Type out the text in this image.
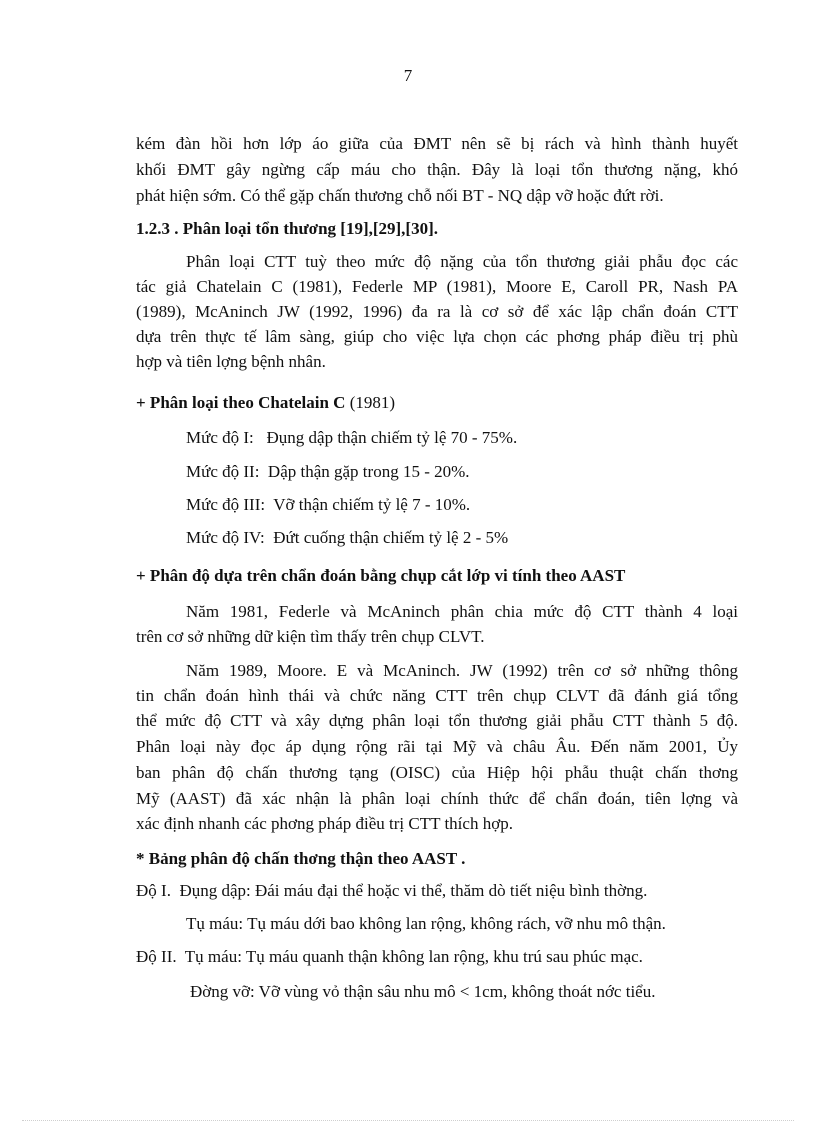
7
kém đàn hồi hơn lớp áo giữa của ĐMT nên sẽ bị rách và hình thành huyết
khối ĐMT gây ngừng cấp máu cho thận. Đây là loại tổn thương nặng, khó
phát hiện sớm. Có thể gặp chấn thương chỗ nối BT - NQ dập vỡ hoặc đứt rời.
1.2.3 . Phân loại tổn thương [19],[29],[30].
Phân loại CTT tuỳ theo mức độ nặng của tổn thương giải phẫu đọc các
tác giả Chatelain C (1981), Federle MP (1981), Moore E, Caroll PR, Nash PA
(1989), McAninch JW (1992, 1996) đa ra là cơ sở để xác lập chẩn đoán CTT
dựa trên thực tế lâm sàng, giúp cho việc lựa chọn các phơng pháp điều trị phù
hợp và tiên lợng bệnh nhân.
+ Phân loại theo Chatelain C (1981)
Mức độ I:   Đụng dập thận chiếm tỷ lệ 70 - 75%.
Mức độ II:  Dập thận gặp trong 15 - 20%.
Mức độ III:  Vỡ thận chiếm tỷ lệ 7 - 10%.
Mức độ IV:  Đứt cuống thận chiếm tỷ lệ 2 - 5%
+ Phân độ dựa trên chẩn đoán bằng chụp cắt lớp vi tính theo AAST
Năm 1981, Federle và McAninch phân chia mức độ CTT thành 4 loại
trên cơ sở những dữ kiện tìm thấy trên chụp CLVT.
Năm 1989, Moore. E và McAninch. JW (1992) trên cơ sở những thông
tin chẩn đoán hình thái và chức năng CTT trên chụp CLVT đã đánh giá tổng
thể mức độ CTT và xây dựng phân loại tổn thương giải phẫu CTT thành 5 độ.
Phân loại này đọc áp dụng rộng rãi tại Mỹ và châu Âu. Đến năm 2001, Ủy
ban phân độ chấn thương tạng (OISC) của Hiệp hội phẫu thuật chấn thơng
Mỹ (AAST) đã xác nhận là phân loại chính thức để chẩn đoán, tiên lợng và
xác định nhanh các phơng pháp điều trị CTT thích hợp.
* Bảng phân độ chấn thơng thận theo AAST .
Độ I.  Đụng dập: Đái máu đại thể hoặc vi thể, thăm dò tiết niệu bình thờng.
Tụ máu: Tụ máu dới bao không lan rộng, không rách, vỡ nhu mô thận.
Độ II.  Tụ máu: Tụ máu quanh thận không lan rộng, khu trú sau phúc mạc.
Đờng vỡ: Vỡ vùng vỏ thận sâu nhu mô < 1cm, không thoát nớc tiểu.
